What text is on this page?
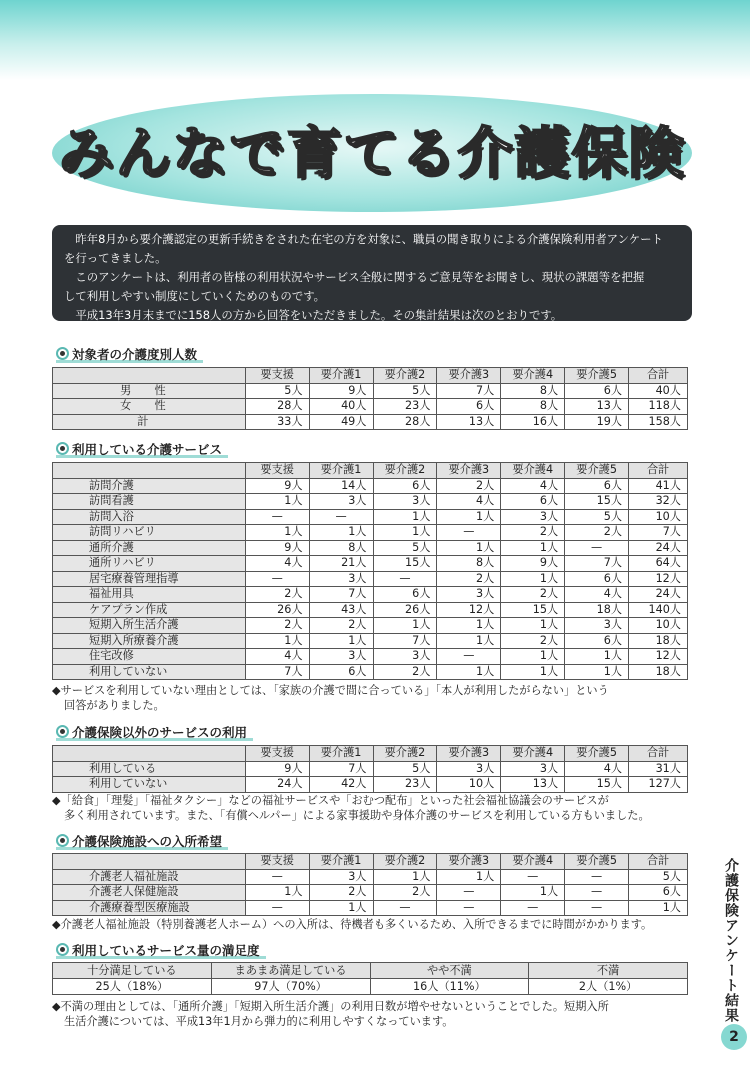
みんなで育てる介護保険

昨年8月から要介護認定の更新手続きをされた在宅の方を対象に、職員の聞き取りによる介護保険利用者アンケート

を行ってきました。

このアンケートは、利用者の皆様の利用状況やサービス全般に関するご意見等をお聞きし、現状の課題等を把握

して利用しやすい制度にしていくためのものです。

平成13年3月末までに158人の方から回答をいただきました。その集計結果は次のとおりです。

対象者の介護度別人数
	要支援	要介護1	要介護2	要介護3	要介護4	要介護5	合計
男　性	5人	9人	5人	7人	8人	6人	40人
女　性	28人	40人	23人	6人	8人	13人	118人
計	33人	49人	28人	13人	16人	19人	158人
利用している介護サービス
	要支援	要介護1	要介護2	要介護3	要介護4	要介護5	合計
訪問介護	9人	14人	6人	2人	4人	6人	41人
訪問看護	1人	3人	3人	4人	6人	15人	32人
訪問入浴	—	—	1人	1人	3人	5人	10人
訪問リハビリ	1人	1人	1人	—	2人	2人	7人
通所介護	9人	8人	5人	1人	1人	—	24人
通所リハビリ	4人	21人	15人	8人	9人	7人	64人
居宅療養管理指導	—	3人	—	2人	1人	6人	12人
福祉用具	2人	7人	6人	3人	2人	4人	24人
ケアプラン作成	26人	43人	26人	12人	15人	18人	140人
短期入所生活介護	2人	2人	1人	1人	1人	3人	10人
短期入所療養介護	1人	1人	7人	1人	2人	6人	18人
住宅改修	4人	3人	3人	—	1人	1人	12人
利用していない	7人	6人	2人	1人	1人	1人	18人
◆サービスを利用していない理由としては、「家族の介護で間に合っている」「本人が利用したがらない」という
回答がありました。
介護保険以外のサービスの利用
	要支援	要介護1	要介護2	要介護3	要介護4	要介護5	合計
利用している	9人	7人	5人	3人	3人	4人	31人
利用していない	24人	42人	23人	10人	13人	15人	127人
◆「給食」「理髪」「福祉タクシー」などの福祉サービスや「おむつ配布」といった社会福祉協議会のサービスが
多く利用されています。また、「有償ヘルパー」による家事援助や身体介護のサービスを利用している方もいました。
介護保険施設への入所希望
	要支援	要介護1	要介護2	要介護3	要介護4	要介護5	合計
介護老人福祉施設	—	3人	1人	1人	—	—	5人
介護老人保健施設	1人	2人	2人	—	1人	—	6人
介護療養型医療施設	—	1人	—	—	—	—	1人
◆介護老人福祉施設（特別養護老人ホーム）への入所は、待機者も多くいるため、入所できるまでに時間がかかります。
利用しているサービス量の満足度
十分満足している	まあまあ満足している	やや不満	不満
25人（18%）	97人（70%）	16人（11%）	2人（1%）
◆不満の理由としては、「通所介護」「短期入所生活介護」の利用日数が増やせないということでした。短期入所
生活介護については、平成13年1月から弾力的に利用しやすくなっています。	介護保険アンケート結果
2
